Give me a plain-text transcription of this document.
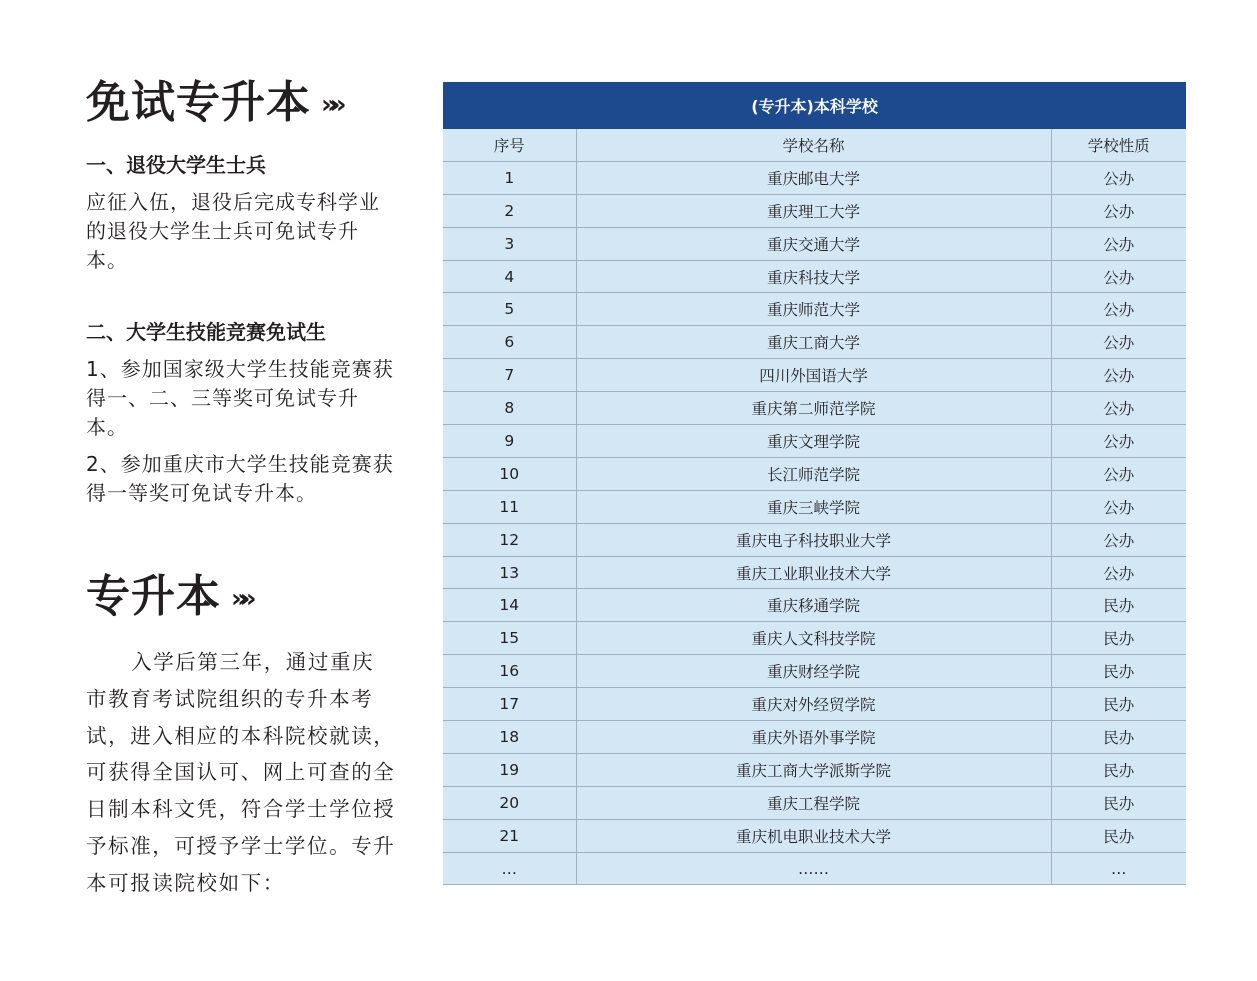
免试专升本 »»
一、退役大学生士兵

应征入伍，退役后完成专科学业的退役大学生士兵可免试专升本。

二、大学生技能竞赛免试生

1、参加国家级大学生技能竞赛获得一、二、三等奖可免试专升本。

2、参加重庆市大学生技能竞赛获得一等奖可免试专升本。

专升本 »»

入学后第三年，通过重庆市教育考试院组织的专升本考试，进入相应的本科院校就读，可获得全国认可、网上可查的全日制本科文凭，符合学士学位授予标准，可授予学士学位。专升本可报读院校如下：

(专升本)本科学校		
序号	学校名称	学校性质
1	重庆邮电大学	公办
2	重庆理工大学	公办
3	重庆交通大学	公办
4	重庆科技大学	公办
5	重庆师范大学	公办
6	重庆工商大学	公办
7	四川外国语大学	公办
8	重庆第二师范学院	公办
9	重庆文理学院	公办
10	长江师范学院	公办
11	重庆三峡学院	公办
12	重庆电子科技职业大学	公办
13	重庆工业职业技术大学	公办
14	重庆移通学院	民办
15	重庆人文科技学院	民办
16	重庆财经学院	民办
17	重庆对外经贸学院	民办
18	重庆外语外事学院	民办
19	重庆工商大学派斯学院	民办
20	重庆工程学院	民办
21	重庆机电职业技术大学	民办
…	……	…
